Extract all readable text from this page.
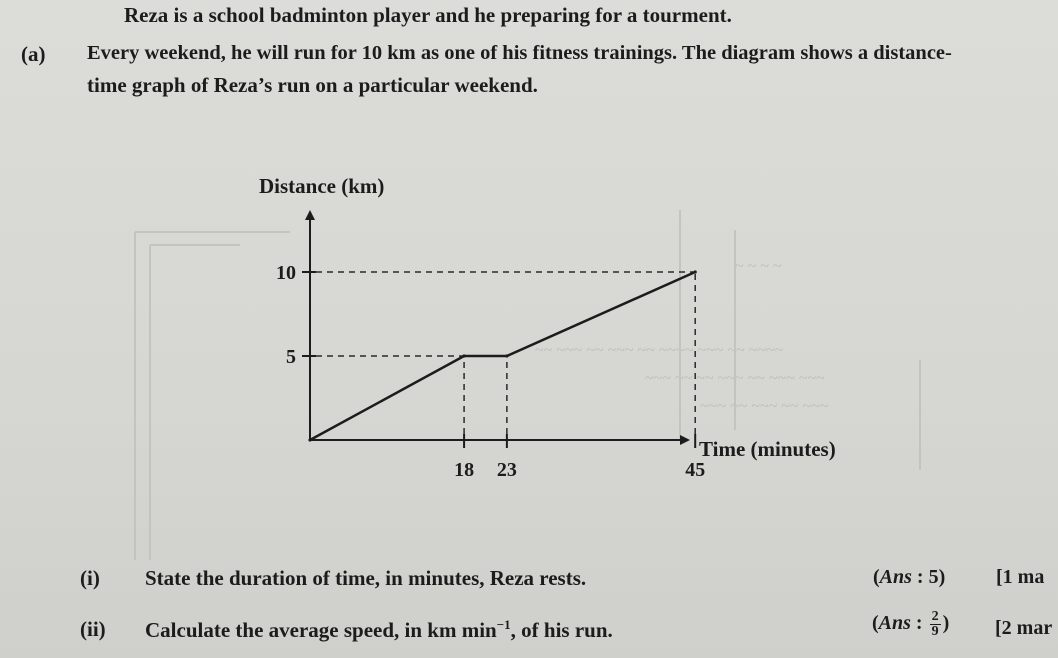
~ ~ ~ ~
~~ ~~~ ~~ ~~~ ~~ ~~~~ ~~~ ~~ ~~~~
~~~ ~~ ~~ ~~~ ~~ ~~~ ~~~
~~~ ~~ ~~~ ~~ ~~~
Reza is a school badminton player and he preparing for a tourment.
(a) Every weekend, he will run for 10 km as one of his fitness trainings. The diagram shows a distance-
time graph of Reza’s run on a particular weekend.
10
5
18 23	45
Distance (km)
Time (minutes)
(i) State the duration of time, in minutes, Reza rests.	(Ans : 5)	[1 ma
(ii) Calculate the average speed, in km $\min^{-1}$, of his run.	(Ans : $\frac{2}{9}$ ) [2 mar
